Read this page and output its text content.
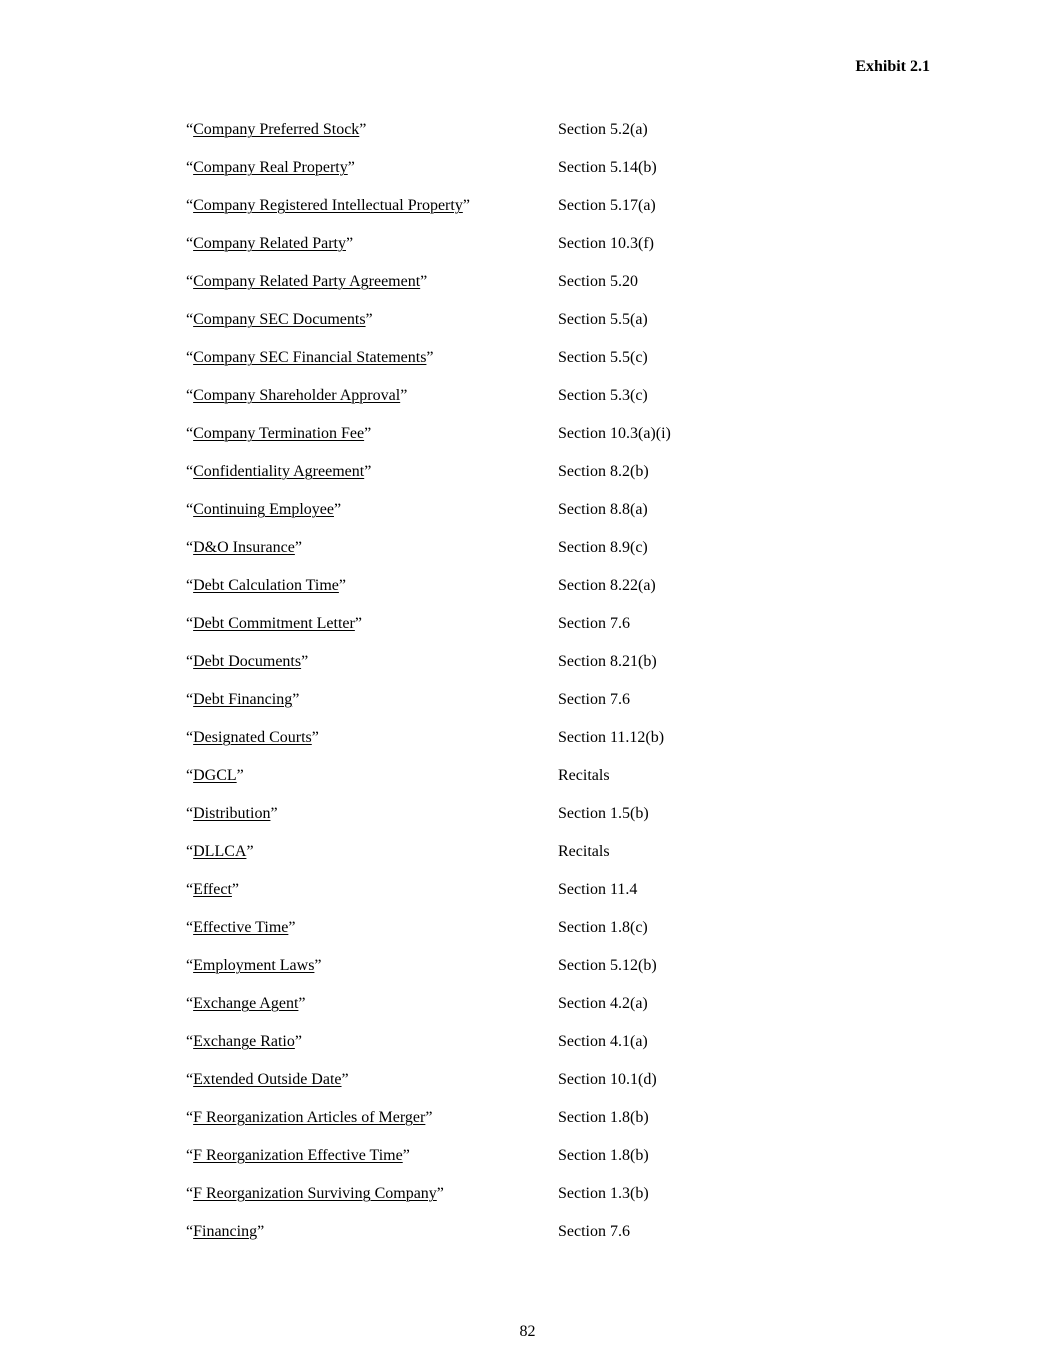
Exhibit 2.1
“Company Preferred Stock”	Section 5.2(a)
“Company Real Property”	Section 5.14(b)
“Company Registered Intellectual Property”	Section 5.17(a)
“Company Related Party”	Section 10.3(f)
“Company Related Party Agreement”	Section 5.20
“Company SEC Documents”	Section 5.5(a)
“Company SEC Financial Statements”	Section 5.5(c)
“Company Shareholder Approval”	Section 5.3(c)
“Company Termination Fee”	Section 10.3(a)(i)
“Confidentiality Agreement”	Section 8.2(b)
“Continuing Employee”	Section 8.8(a)
“D&O Insurance”	Section 8.9(c)
“Debt Calculation Time”	Section 8.22(a)
“Debt Commitment Letter”	Section 7.6
“Debt Documents”	Section 8.21(b)
“Debt Financing”	Section 7.6
“Designated Courts”	Section 11.12(b)
“DGCL”	Recitals
“Distribution”	Section 1.5(b)
“DLLCA”	Recitals
“Effect”	Section 11.4
“Effective Time”	Section 1.8(c)
“Employment Laws”	Section 5.12(b)
“Exchange Agent”	Section 4.2(a)
“Exchange Ratio”	Section 4.1(a)
“Extended Outside Date”	Section 10.1(d)
“F Reorganization Articles of Merger”	Section 1.8(b)
“F Reorganization Effective Time”	Section 1.8(b)
“F Reorganization Surviving Company”	Section 1.3(b)
“Financing”	Section 7.6
82
